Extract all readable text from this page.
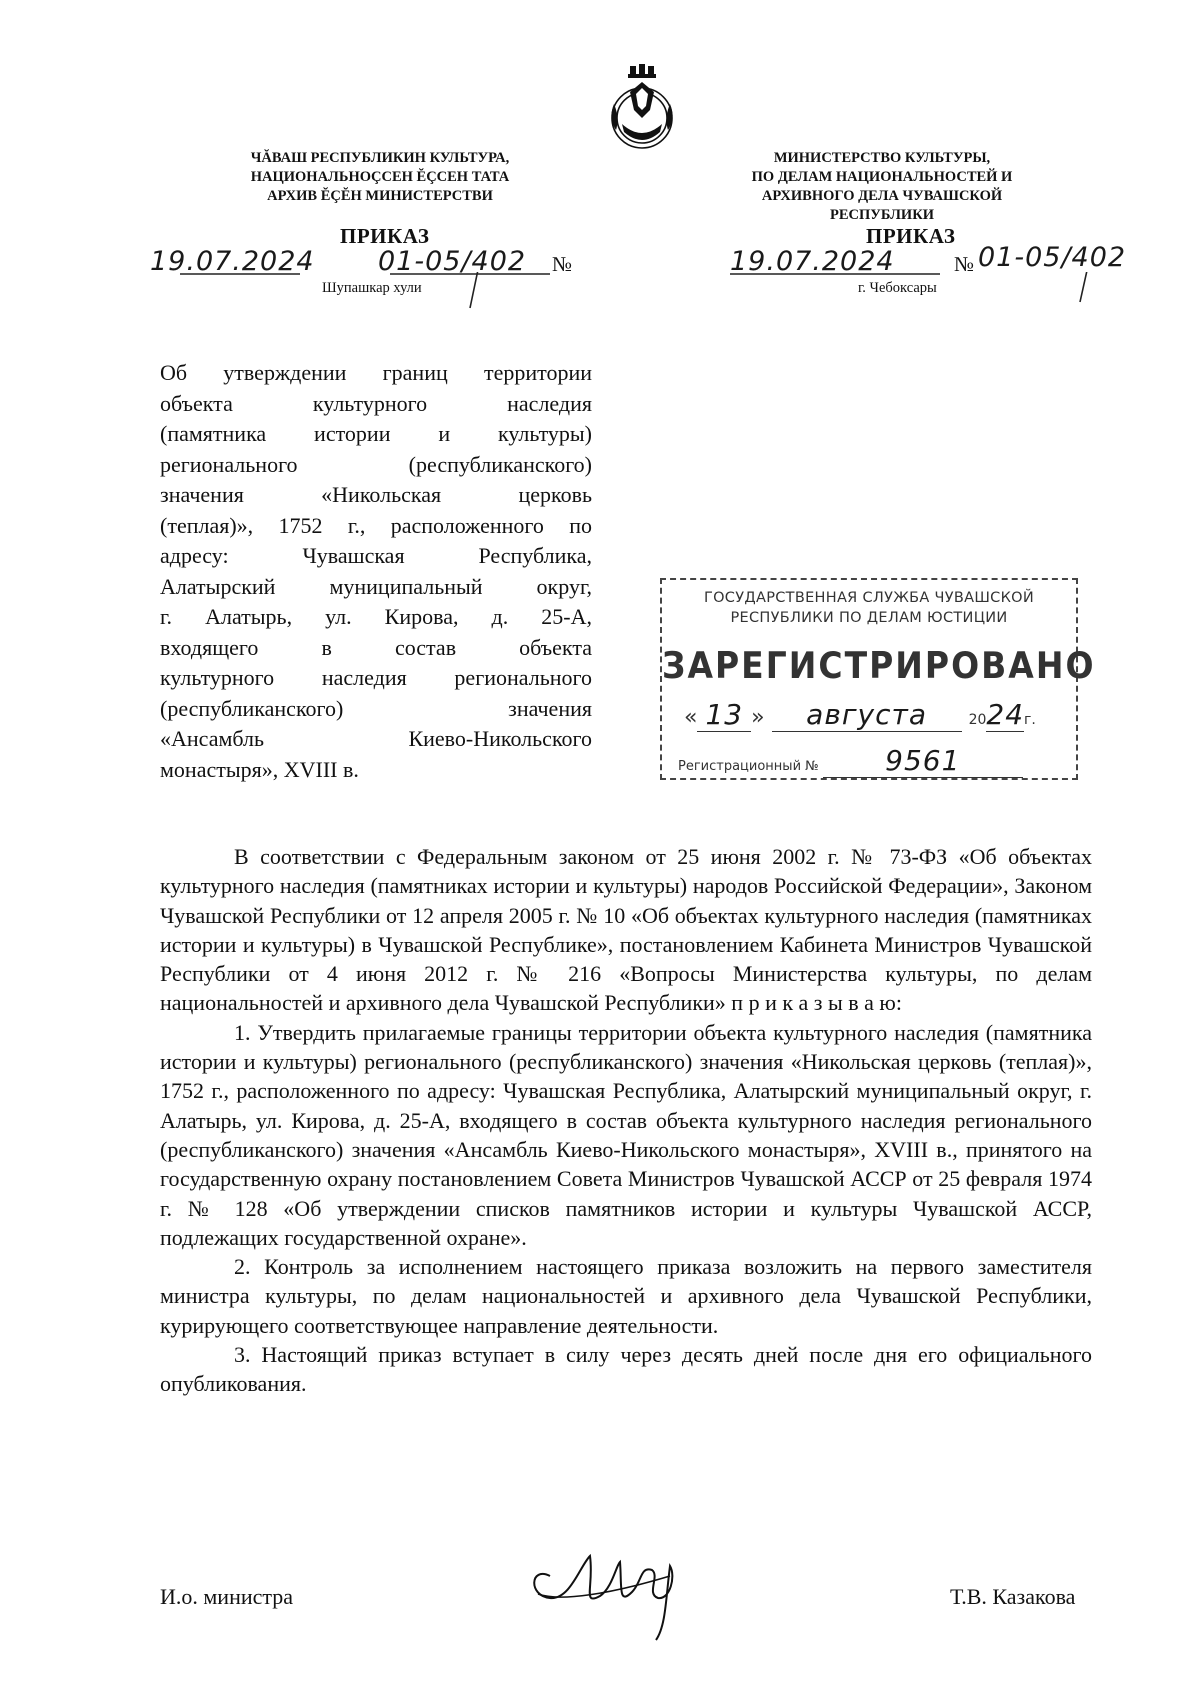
ЧĂВАШ РЕСПУБЛИКИН КУЛЬТУРА,
НАЦИОНАЛЬНОÇСЕН ĔÇСЕН ТАТА
АРХИВ ĔÇĔН МИНИСТЕРСТВИ
МИНИСТЕРСТВО КУЛЬТУРЫ,
ПО ДЕЛАМ НАЦИОНАЛЬНОСТЕЙ И
АРХИВНОГО ДЕЛА ЧУВАШСКОЙ РЕСПУБЛИКИ
ПРИКАЗ
19.07.2024 01-05/402 №
Шупашкар хули
ПРИКАЗ
19.07.2024	№ 01-05/402
г. Чебоксары
Об утверждении границ территории
объекта культурного наследия
(памятника истории и культуры)
регионального (республиканского)
значения «Никольская церковь
(теплая)», 1752 г., расположенного по
адресу: Чувашская Республика,
Алатырский муниципальный округ,
г. Алатырь, ул. Кирова, д. 25-А,
входящего в состав объекта
культурного наследия регионального
(республиканского) значения
«Ансамбль Киево-Никольского
монастыря», XVIII в.
ГОСУДАРСТВЕННАЯ СЛУЖБА ЧУВАШСКОЙ
РЕСПУБЛИКИ ПО ДЕЛАМ ЮСТИЦИИ
ЗАРЕГИСТРИРОВАНО
« 13 » августа	2024г.
Регистрационный № 9561

В соответствии с Федеральным законом от 25 июня 2002 г. № 73-ФЗ «Об объектах культурного наследия (памятниках истории и культуры) народов Российской Федерации», Законом Чувашской Республики от 12 апреля 2005 г. № 10 «Об объектах культурного наследия (памятниках истории и культуры) в Чувашской Республике», постановлением Кабинета Министров Чувашской Республики от 4 июня 2012 г. № 216 «Вопросы Министерства культуры, по делам национальностей и архивного дела Чувашской Республики» п р и к а з ы в а ю:

1. Утвердить прилагаемые границы территории объекта культурного наследия (памятника истории и культуры) регионального (республиканского) значения «Никольская церковь (теплая)», 1752 г., расположенного по адресу: Чувашская Республика, Алатырский муниципальный округ, г. Алатырь, ул. Кирова, д. 25-А, входящего в состав объекта культурного наследия регионального (республиканского) значения «Ансамбль Киево-Никольского монастыря», XVIII в., принятого на государственную охрану постановлением Совета Министров Чувашской АССР от 25 февраля 1974 г. № 128 «Об утверждении списков памятников истории и культуры Чувашской АССР, подлежащих государственной охране».

2. Контроль за исполнением настоящего приказа возложить на первого заместителя министра культуры, по делам национальностей и архивного дела Чувашской Республики, курирующего соответствующее направление деятельности.

3. Настоящий приказ вступает в силу через десять дней после дня его официального опубликования.

И.о. министра	Т.В. Казакова
